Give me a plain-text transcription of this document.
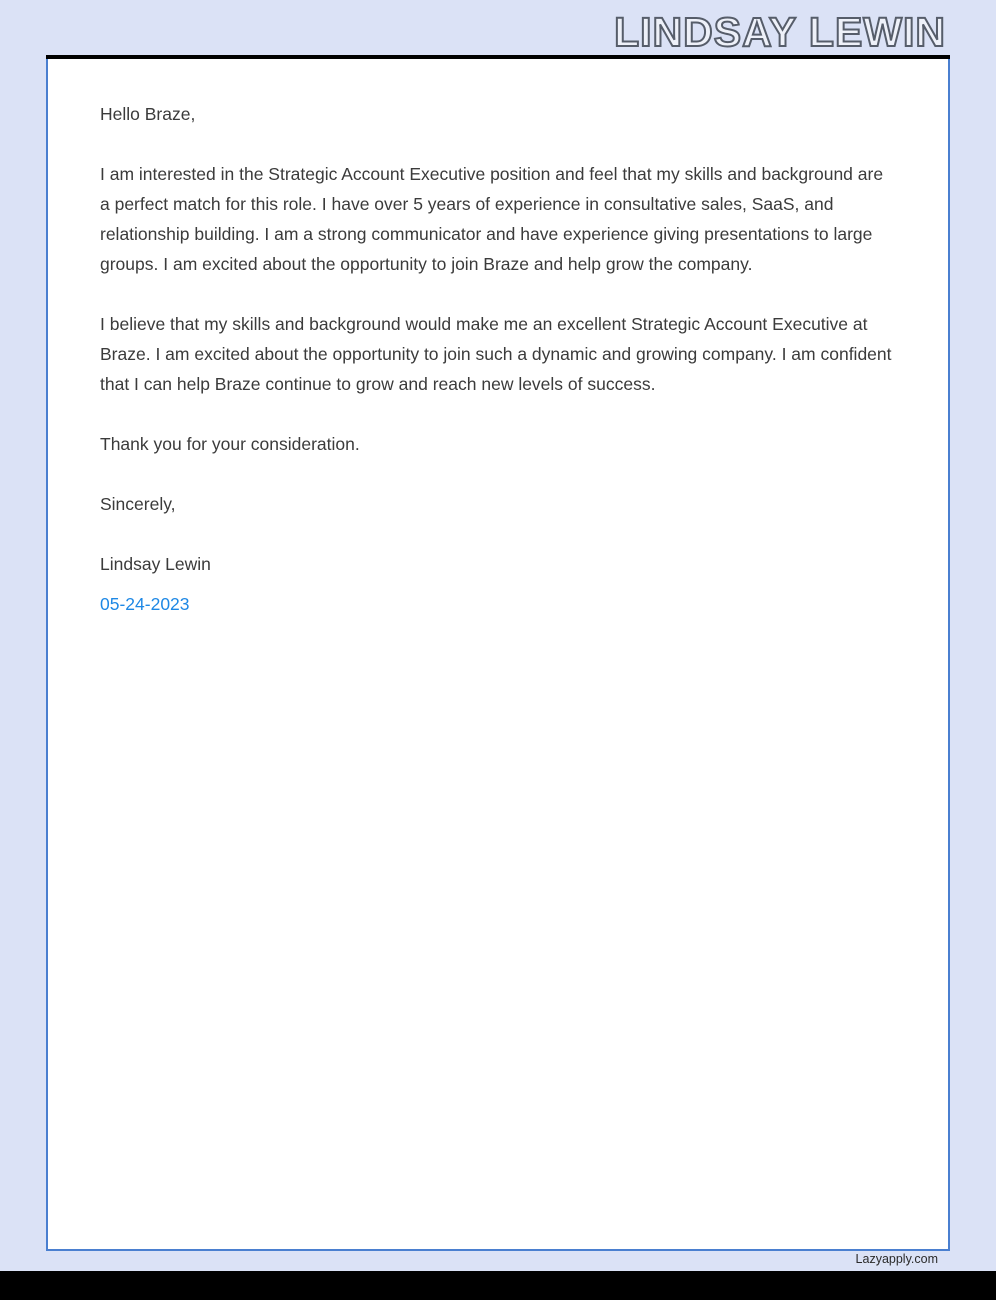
LINDSAY LEWIN

Hello Braze,

I am interested in the Strategic Account Executive position and feel that my skills and background are a perfect match for this role. I have over 5 years of experience in consultative sales, SaaS, and relationship building. I am a strong communicator and have experience giving presentations to large groups. I am excited about the opportunity to join Braze and help grow the company.

I believe that my skills and background would make me an excellent Strategic Account Executive at Braze. I am excited about the opportunity to join such a dynamic and growing company. I am confident that I can help Braze continue to grow and reach new levels of success.

Thank you for your consideration.

Sincerely,

Lindsay Lewin

05-24-2023

Lazyapply.com
